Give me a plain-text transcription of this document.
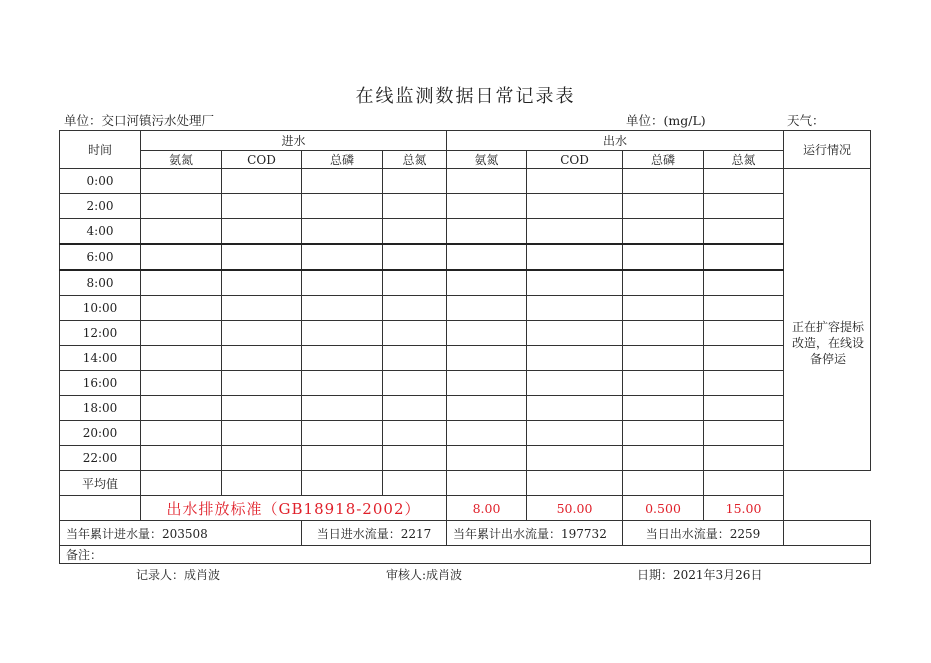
在线监测数据日常记录表
单位：交口河镇污水处理厂	单位：(mg/L)	天气：
时间	进水				出水				运行情况
	氨氮	COD	总磷	总氮	氨氮	COD	总磷	总氮	
0:00									正在扩容提标改造，在线设备停运
2:00									
4:00									
6:00									
8:00									
10:00									
12:00									
14:00									
16:00									
18:00									
20:00									
22:00									
平均值									
	出水排放标准（GB18918-2002）				8.00	50.00	0.500	15.00	
当年累计进水量：203508			当日进水流量：2217		当年累计出水流量：197732		当日出水流量：2259		
备注：									
记录人：成肖波	审核人:成肖波	日期：2021年3月26日
